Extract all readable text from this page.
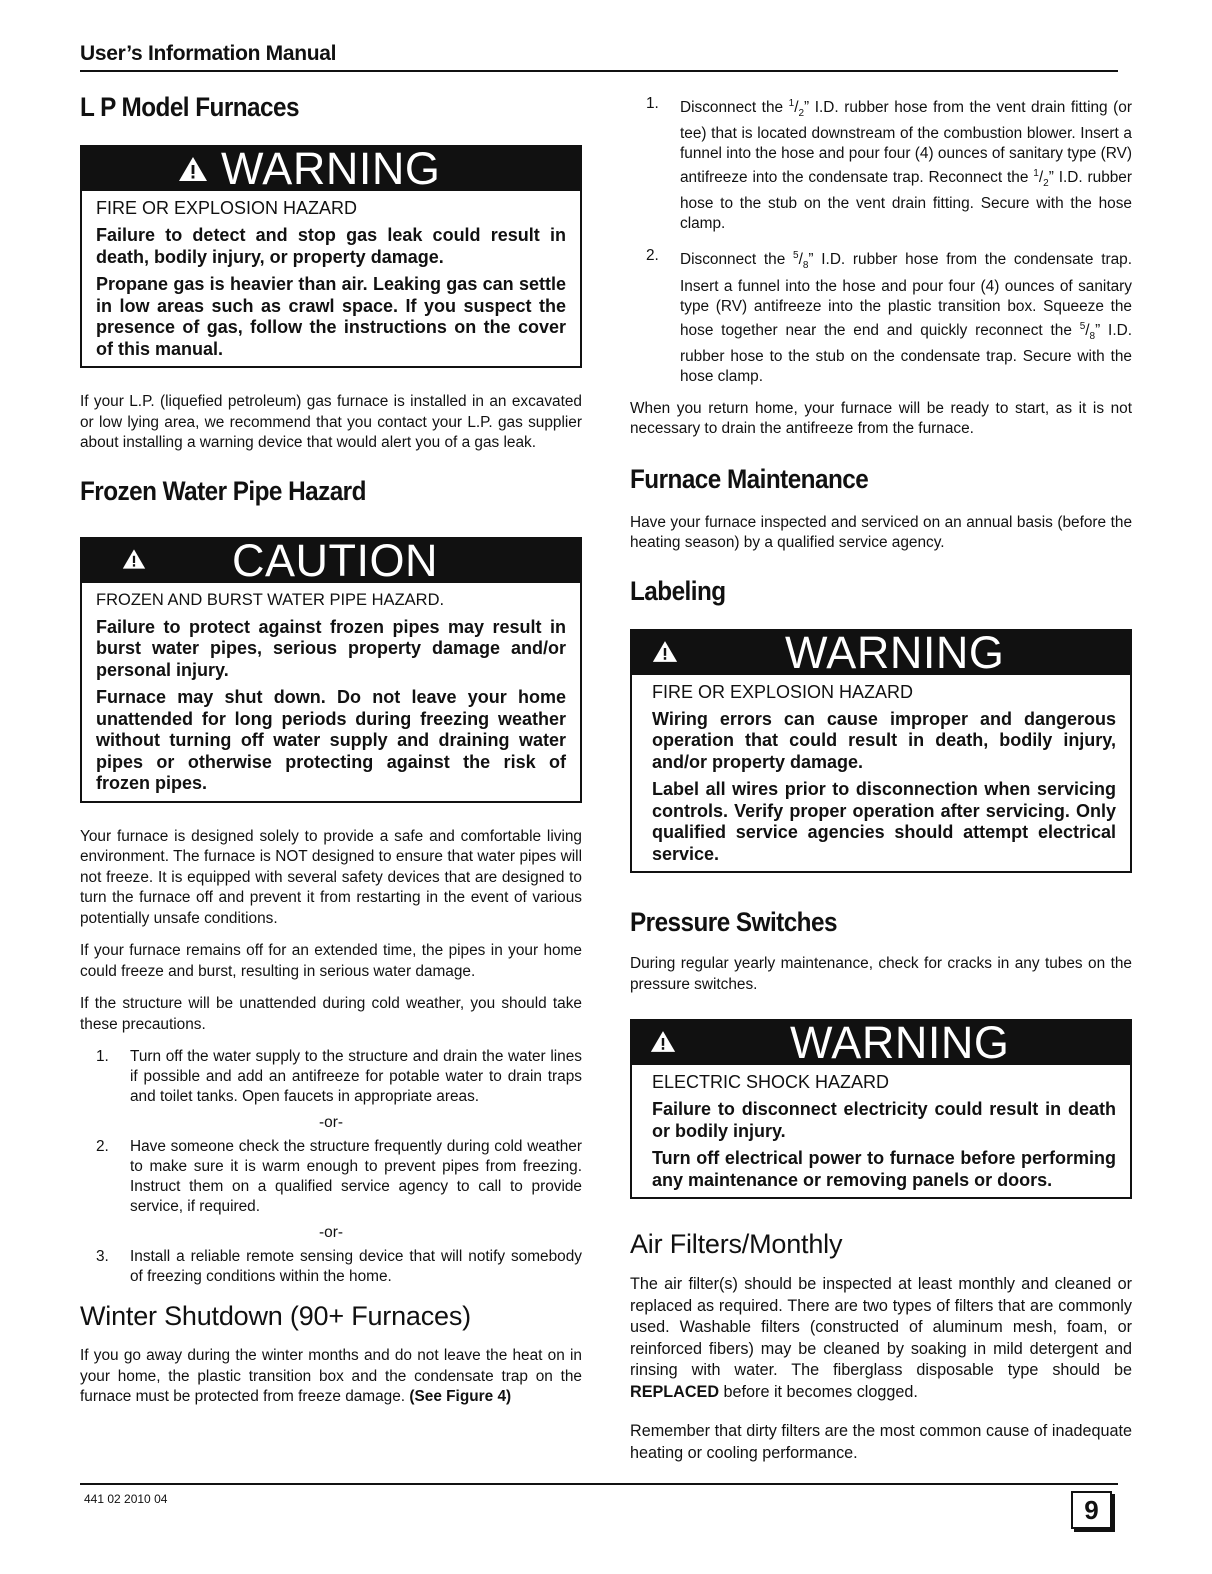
User’s Information Manual
L P Model Furnaces
WARNING
FIRE OR EXPLOSION HAZARD
Failure to detect and stop gas leak could result in death, bodily injury, or property damage.
Propane gas is heavier than air. Leaking gas can settle in low areas such as crawl space. If you suspect the presence of gas, follow the instructions on the cover of this manual.

If your L.P. (liquefied petroleum) gas furnace is installed in an excavated or low lying area, we recommend that you contact your L.P. gas supplier about installing a warning device that would alert you of a gas leak.

Frozen Water Pipe Hazard
CAUTION
FROZEN AND BURST WATER PIPE HAZARD.
Failure to protect against frozen pipes may result in burst water pipes, serious property damage and/or personal injury.
Furnace may shut down. Do not leave your home unattended for long periods during freezing weather without turning off water supply and draining water pipes or otherwise protecting against the risk of frozen pipes.

Your furnace is designed solely to provide a safe and comfortable living environment. The furnace is NOT designed to ensure that water pipes will not freeze. It is equipped with several safety devices that are designed to turn the furnace off and prevent it from restarting in the event of various potentially unsafe conditions.

If your furnace remains off for an extended time, the pipes in your home could freeze and burst, resulting in serious water damage.

If the structure will be unattended during cold weather, you should take these precautions.

1. Turn off the water supply to the structure and drain the water lines if possible and add an antifreeze for potable water to drain traps and toilet tanks. Open faucets in appropriate areas.
-or-
2. Have someone check the structure frequently during cold weather to make sure it is warm enough to prevent pipes from freezing. Instruct them on a qualified service agency to call to provide service, if required.
-or-
3. Install a reliable remote sensing device that will notify somebody of freezing conditions within the home.
Winter Shutdown (90+ Furnaces)

If you go away during the winter months and do not leave the heat on in your home, the plastic transition box and the condensate trap on the furnace must be protected from freeze damage. (See Figure 4)

1. Disconnect the $^1/_2$” I.D. rubber hose from the vent drain fitting (or tee) that is located downstream of the combustion blower. Insert a funnel into the hose and pour four (4) ounces of sanitary type (RV) antifreeze into the condensate trap. Reconnect the $^1/_2$” I.D. rubber hose to the stub on the vent drain fitting. Secure with the hose clamp.
2. Disconnect the $^5/_8$” I.D. rubber hose from the condensate trap. Insert a funnel into the hose and pour four (4) ounces of sanitary type (RV) antifreeze into the plastic transition box. Squeeze the hose together near the end and quickly reconnect the $^5/_8$” I.D. rubber hose to the stub on the condensate trap. Secure with the hose clamp.

When you return home, your furnace will be ready to start, as it is not necessary to drain the antifreeze from the furnace.

Furnace Maintenance

Have your furnace inspected and serviced on an annual basis (before the heating season) by a qualified service agency.

Labeling
WARNING
FIRE OR EXPLOSION HAZARD
Wiring errors can cause improper and dangerous operation that could result in death, bodily injury, and/or property damage.
Label all wires prior to disconnection when servicing controls. Verify proper operation after servicing. Only qualified service agencies should attempt electrical service.
Pressure Switches

During regular yearly maintenance, check for cracks in any tubes on the pressure switches.

WARNING
ELECTRIC SHOCK HAZARD
Failure to disconnect electricity could result in death or bodily injury.
Turn off electrical power to furnace before performing any maintenance or removing panels or doors.
Air Filters/Monthly

The air filter(s) should be inspected at least monthly and cleaned or replaced as required. There are two types of filters that are commonly used. Washable filters (constructed of aluminum mesh, foam, or reinforced fibers) may be cleaned by soaking in mild detergent and rinsing with water. The fiberglass disposable type should be REPLACED before it becomes clogged.

Remember that dirty filters are the most common cause of inadequate heating or cooling performance.

441 02 2010 04	9
